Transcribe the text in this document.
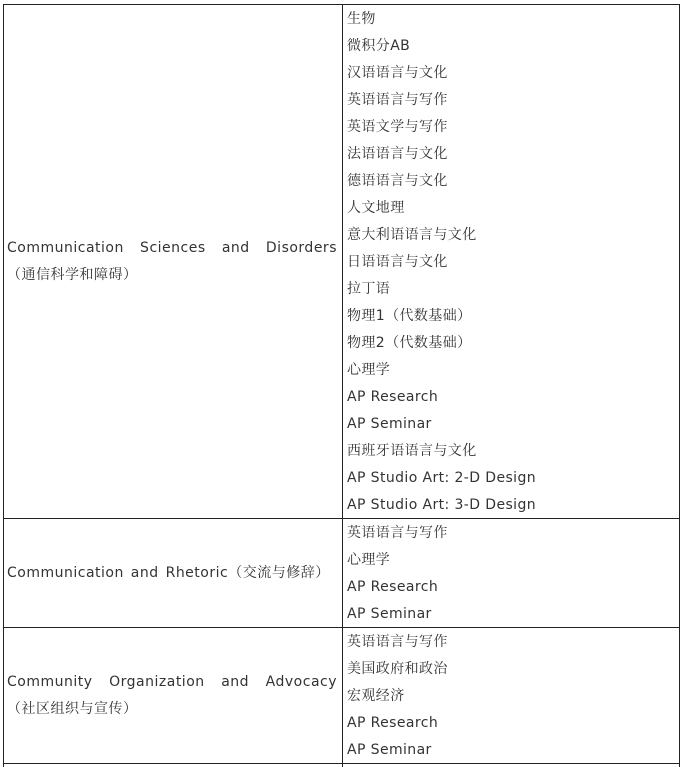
Communication Sciences and Disorders（通信科学和障碍）
生物
微积分AB
汉语语言与文化
英语语言与写作
英语文学与写作
法语语言与文化
德语语言与文化
人文地理
意大利语语言与文化
日语语言与文化
拉丁语
物理1（代数基础）
物理2（代数基础）
心理学
AP Research
AP Seminar
西班牙语语言与文化
AP Studio Art: 2-D Design
AP Studio Art: 3-D Design
Communication and Rhetoric（交流与修辞）
英语语言与写作
心理学
AP Research
AP Seminar
Community Organization and Advocacy（社区组织与宣传）
英语语言与写作
美国政府和政治
宏观经济
AP Research
AP Seminar
